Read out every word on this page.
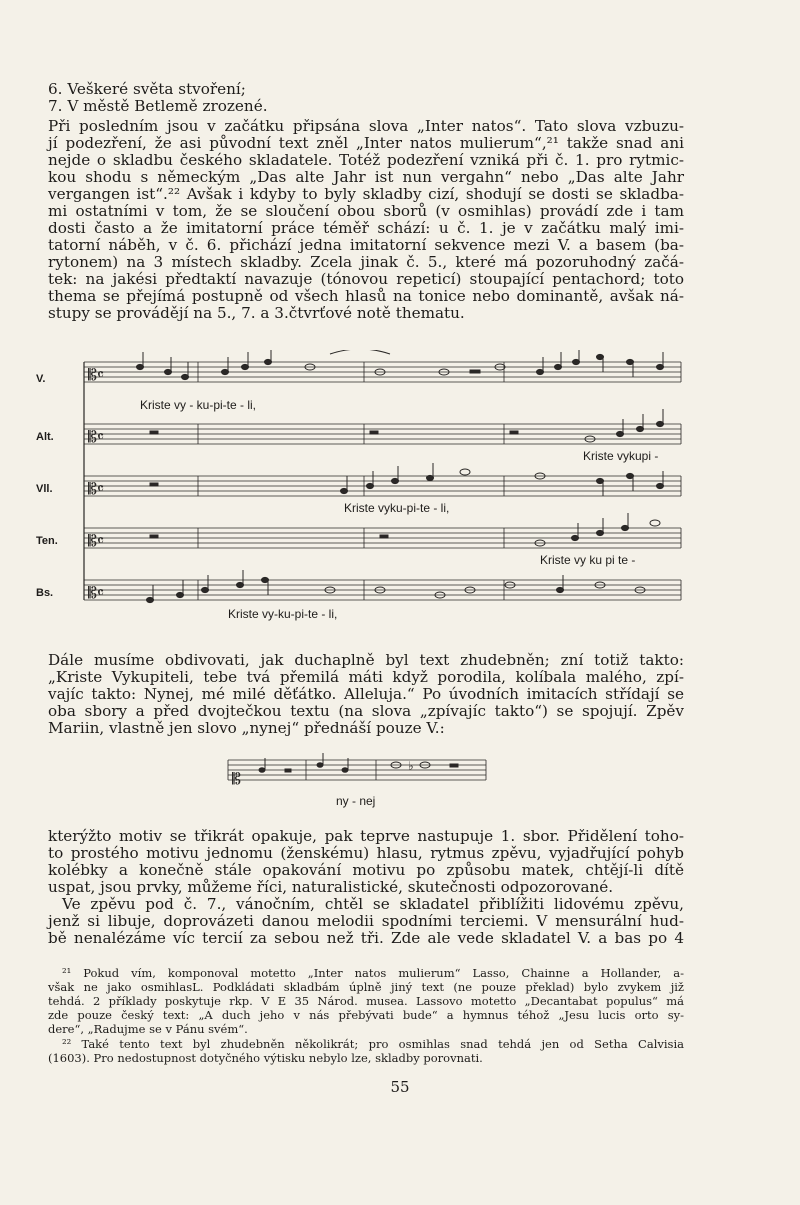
6. Veškeré světa stvoření;
7. V městě Betlemě zrozené.
Při posledním jsou v začátku připsána slova „Inter natos“. Tato slova vzbuzu-
jí podezření, že asi původní text zněl „Inter natos mulierum“,²¹ takže snad ani
nejde o skladbu českého skladatele. Totéž podezření vzniká při č. 1. pro rytmic-
kou shodu s německým „Das alte Jahr ist nun vergahn“ nebo „Das alte Jahr
vergangen ist“.²² Avšak i kdyby to byly skladby cizí, shodují se dosti se skladba-
mi ostatními v tom, že se sloučení obou sborů (v osmihlas) provádí zde i tam
dosti často a že imitatorní práce téměř schází: u č. 1. je v začátku malý imi-
tatorní náběh, v č. 6. přichází jedna imitatorní sekvence mezi V. a basem (ba-
rytonem) na 3 místech skladby. Zcela jinak č. 5., které má pozoruhodný začá-
tek: na jakési předtaktí navazuje (tónovou repeticí) stoupající pentachord; toto
thema se přejímá postupně od všech hlasů na tonice nebo dominantě, avšak ná-
stupy se provádějí na 5., 7. a 3.čtvrťové notě thematu.
𝄡𝄴
𝄡𝄴
𝄡𝄴
𝄡𝄴
𝄡𝄴
V.
Alt.
Vll.
Ten.
Bs.
Kriste vy - ku-pi-te - li,
Kriste vykupi -
Kriste vyku-pi-te - li,
Kriste vy ku pi te -
Kriste vy-ku-pi-te - li,
Dále musíme obdivovati, jak duchaplně byl text zhudebněn; zní totiž takto:
„Kriste Vykupiteli, tebe tvá přemilá máti když porodila, kolíbala malého, zpí-
vajíc takto: Nynej, mé milé děťátko. Alleluja.“ Po úvodních imitacích střídají se
oba sbory a před dvojtečkou textu (na slova „zpívajíc takto“) se spojují. Zpěv
Mariin, vlastně jen slovo „nynej“ přednáší pouze V.:
𝄡
♭
ny - nej
kterýžto motiv se třikrát opakuje, pak teprve nastupuje 1. sbor. Přidělení toho-
to prostého motivu jednomu (ženskému) hlasu, rytmus zpěvu, vyjadřující pohyb
kolébky a konečně stále opakování motivu po způsobu matek, chtějí-li dítě
uspat, jsou prvky, můžeme říci, naturalistické, skutečnosti odpozorované.
Ve zpěvu pod č. 7., vánočním, chtěl se skladatel přiblížiti lidovému zpěvu,
jenž si libuje, doprovázeti danou melodii spodními terciemi. V mensurální hud-
bě nenalézáme víc tercií za sebou než tři. Zde ale vede skladatel V. a bas po 4
²¹ Pokud vím, komponoval motetto „Inter natos mulierum“ Lasso, Chainne a Hollander, a-
však ne jako osmihlasL. Podkládati skladbám úplně jiný text (ne pouze překlad) bylo zvykem již
tehdá. 2 příklady poskytuje rkp. V E 35 Národ. musea. Lassovo motetto „Decantabat populus“ má
zde pouze český text: „A duch jeho v nás přebývati bude“ a hymnus téhož „Jesu lucis orto sy-
dere“, „Radujme se v Pánu svém“.
²² Také tento text byl zhudebněn několikrát; pro osmihlas snad tehdá jen od Setha Calvisia
(1603). Pro nedostupnost dotyčného výtisku nebylo lze, skladby porovnati.
55
